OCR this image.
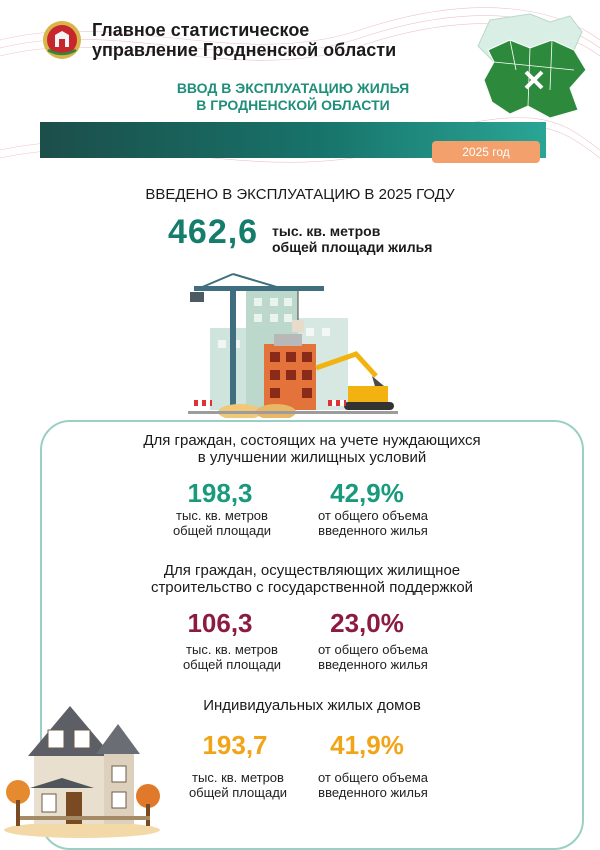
Главное статистическое
управление Гродненской области
ВВОД В ЭКСПЛУАТАЦИЮ ЖИЛЬЯ
В ГРОДНЕНСКОЙ ОБЛАСТИ
2025 год
ВВЕДЕНО В ЭКСПЛУАТАЦИЮ В 2025 ГОДУ
462,6 тыс. кв. метров
общей площади жилья
Для граждан, состоящих на учете нуждающихся
в улучшении жилищных условий
198,3	42,9%
тыс. кв. метров
общей площади
от общего объема
введенного жилья
Для граждан, осуществляющих жилищное
строительство с государственной поддержкой
106,3	23,0%
тыс. кв. метров
общей площади
от общего объема
введенного жилья
Индивидуальных жилых домов
193,7	41,9%
тыс. кв. метров
общей площади
от общего объема
введенного жилья
